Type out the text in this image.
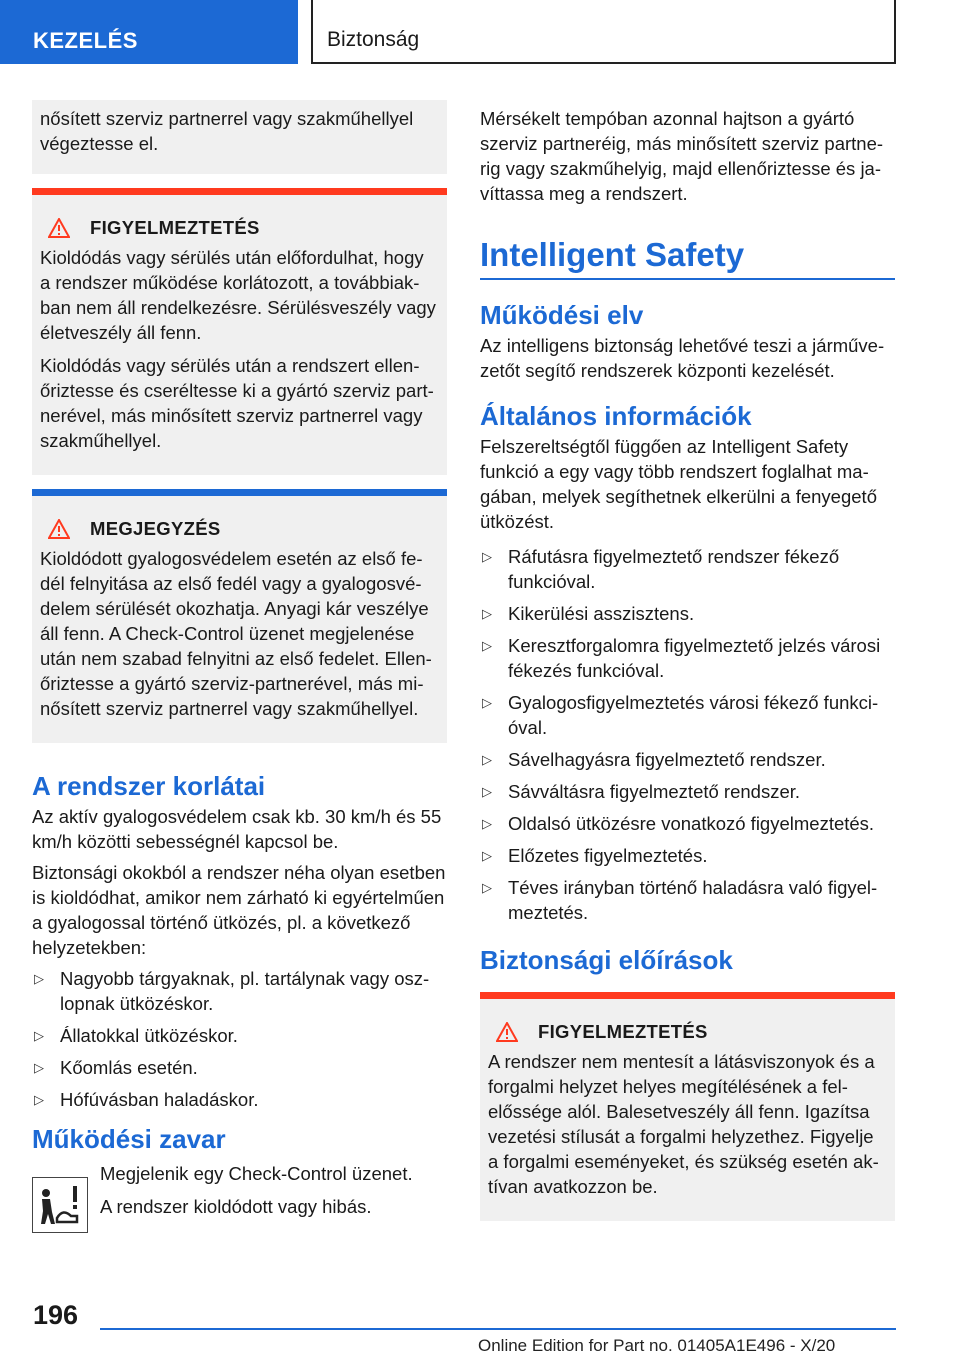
KEZELÉS	Biztonság
nősített szerviz partnerrel vagy szakműhellyel végeztesse el.
FIGYELMEZTETÉS
Kioldódás vagy sérülés után előfordulhat, hogy a rendszer működése korlátozott, a továbbiakban nem áll rendelkezésre. Sérülésveszély vagy életveszély áll fenn.
Kioldódás vagy sérülés után a rendszert ellenőriztesse és cseréltesse ki a gyártó szerviz partnerével, más minősített szerviz partnerrel vagy szakműhellyel.
MEGJEGYZÉS
Kioldódott gyalogosvédelem esetén az első fedél felnyitása az első fedél vagy a gyalogosvédelem sérülését okozhatja. Anyagi kár veszélye áll fenn. A Check-Control üzenet megjelenése után nem szabad felnyitni az első fedelet. Ellenőriztesse a gyártó szerviz-partnerével, más minősített szerviz partnerrel vagy szakműhellyel.
A rendszer korlátai
Az aktív gyalogosvédelem csak kb. 30 km/h és 55 km/h közötti sebességnél kapcsol be.
Biztonsági okokból a rendszer néha olyan esetben is kioldódhat, amikor nem zárható ki egyértelműen a gyalogossal történő ütközés, pl. a következő helyzetekben:
▷ Nagyobb tárgyaknak, pl. tartálynak vagy oszlopnak ütközéskor.
▷ Állatokkal ütközéskor.
▷ Kőomlás esetén.
▷ Hófúvásban haladáskor.
Működési zavar
Megjelenik egy Check-Control üzenet.
A rendszer kioldódott vagy hibás.
Mérsékelt tempóban azonnal hajtson a gyártó szerviz partneréig, más minősített szerviz partnerig vagy szakműhelyig, majd ellenőriztesse és javíttassa meg a rendszert.
Intelligent Safety
Működési elv
Az intelligens biztonság lehetővé teszi a járművezetőt segítő rendszerek központi kezelését.
Általános információk
Felszereltségtől függően az Intelligent Safety funkció a egy vagy több rendszert foglalhat magában, melyek segíthetnek elkerülni a fenyegető ütközést.
▷ Ráfutásra figyelmeztető rendszer fékező funkcióval.
▷ Kikerülési asszisztens.
▷ Keresztforgalomra figyelmeztető jelzés városi fékezés funkcióval.
▷ Gyalogosfigyelmeztetés városi fékező funkcióval.
▷ Sávelhagyásra figyelmeztető rendszer.
▷ Sávváltásra figyelmeztető rendszer.
▷ Oldalsó ütközésre vonatkozó figyelmeztetés.
▷ Előzetes figyelmeztetés.
▷ Téves irányban történő haladásra való figyelmeztetés.
Biztonsági előírások
FIGYELMEZTETÉS
A rendszer nem mentesít a látásviszonyok és a forgalmi helyzet helyes megítélésének a felelőssége alól. Balesetveszély áll fenn. Igazítsa vezetési stílusát a forgalmi helyzethez. Figyelje a forgalmi eseményeket, és szükség esetén aktívan avatkozzon be.
196
Online Edition for Part no. 01405A1E496 - X/20
